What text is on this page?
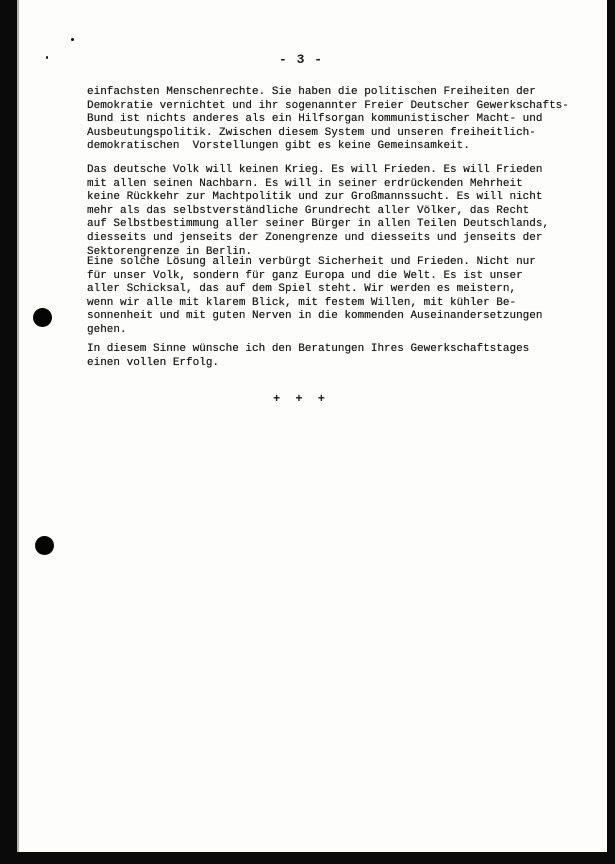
- 3 -
einfachsten Menschenrechte. Sie haben die politischen Freiheiten der
Demokratie vernichtet und ihr sogenannter Freier Deutscher Gewerkschafts-
Bund ist nichts anderes als ein Hilfsorgan kommunistischer Macht- und
Ausbeutungspolitik. Zwischen diesem System und unseren freiheitlich-
demokratischen  Vorstellungen gibt es keine Gemeinsamkeit.
Das deutsche Volk will keinen Krieg. Es will Frieden. Es will Frieden
mit allen seinen Nachbarn. Es will in seiner erdrückenden Mehrheit
keine Rückkehr zur Machtpolitik und zur Großmannssucht. Es will nicht
mehr als das selbstverständliche Grundrecht aller Völker, das Recht
auf Selbstbestimmung aller seiner Bürger in allen Teilen Deutschlands,
diesseits und jenseits der Zonengrenze und diesseits und jenseits der
Sektorengrenze in Berlin.
Eine solche Lösung allein verbürgt Sicherheit und Frieden. Nicht nur
für unser Volk, sondern für ganz Europa und die Welt. Es ist unser
aller Schicksal, das auf dem Spiel steht. Wir werden es meistern,
wenn wir alle mit klarem Blick, mit festem Willen, mit kühler Be-
sonnenheit und mit guten Nerven in die kommenden Auseinandersetzungen
gehen.
In diesem Sinne wünsche ich den Beratungen Ihres Gewerkschaftstages
einen vollen Erfolg.
+ + +
